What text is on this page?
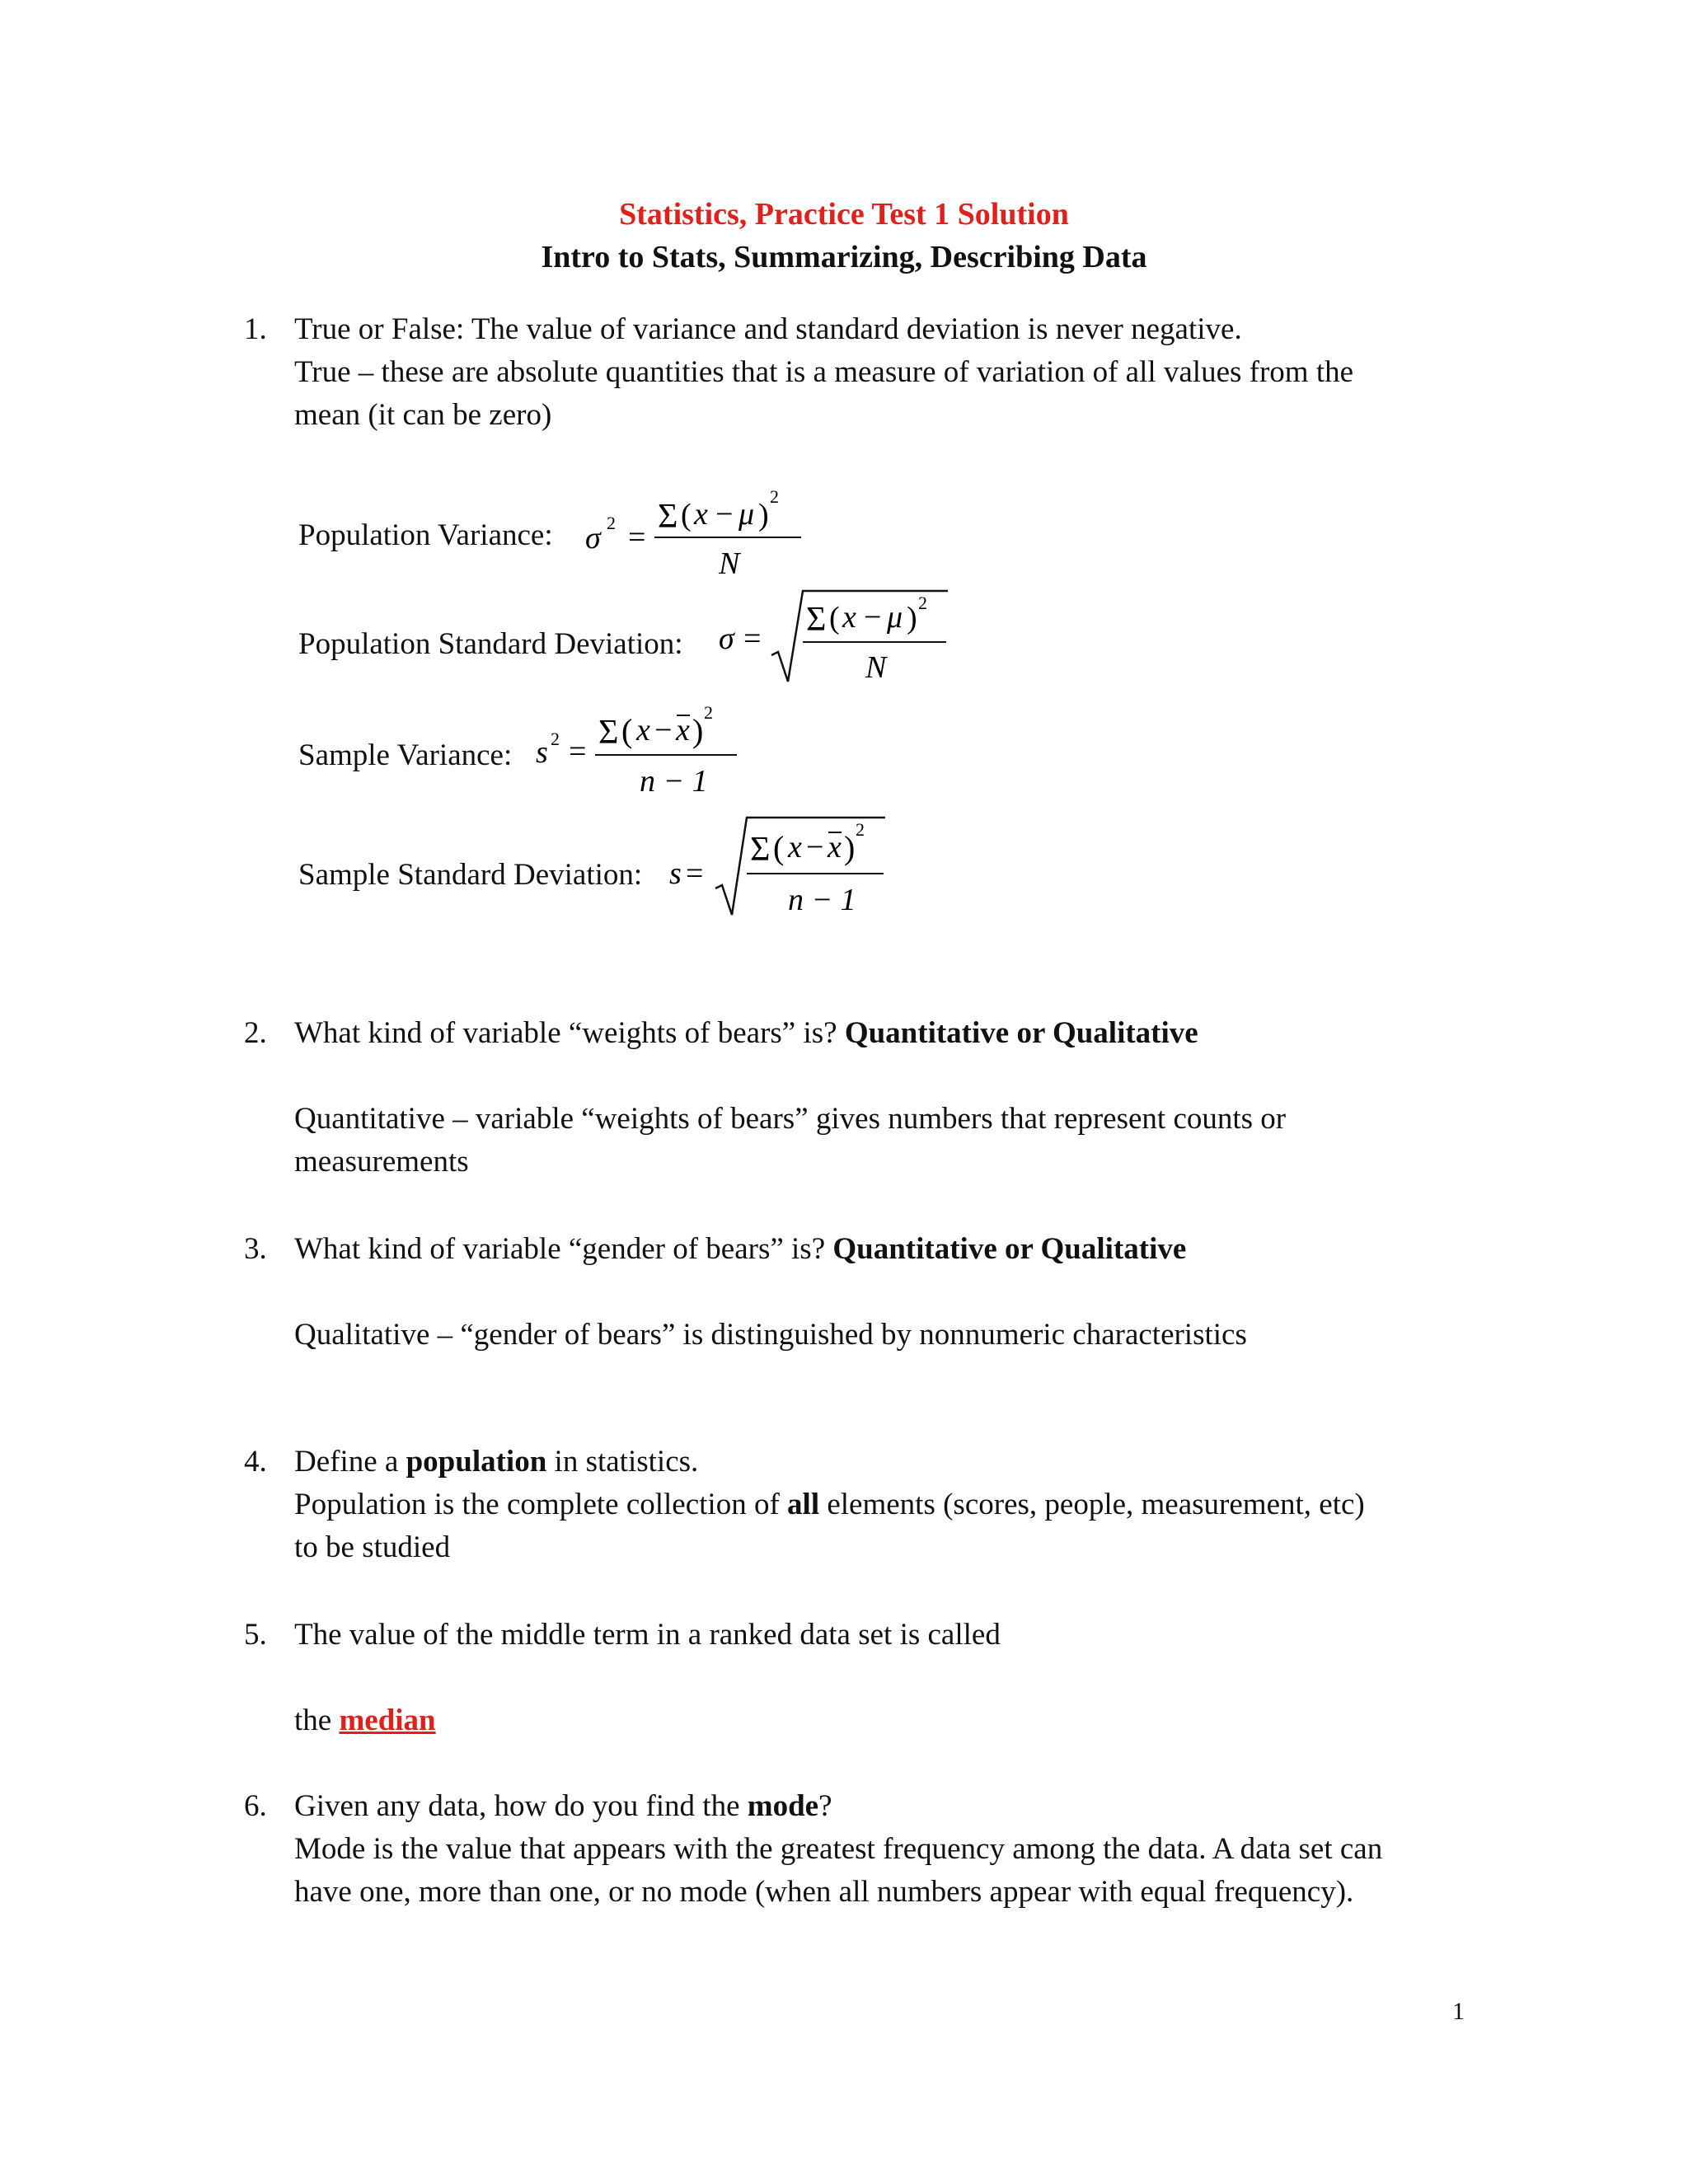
Statistics, Practice Test 1 Solution
Intro to Stats, Summarizing, Describing Data
1. True or False: The value of variance and standard deviation is never negative.
True – these are absolute quantities that is a measure of variation of all values from the
mean (it can be zero)
Population Variance: σ 2 =
Σ ( x − μ )
2
N
Population Standard Deviation: σ = Σ ( x − μ ) 2
N
Sample Variance: s 2 = Σ ( x − x ) 2
n − 1
Sample Standard Deviation: s =
Σ ( x − x ) 2
n − 1
2. What kind of variable “weights of bears” is? Quantitative or Qualitative
Quantitative – variable “weights of bears” gives numbers that represent counts or
measurements
3. What kind of variable “gender of bears” is? Quantitative or Qualitative
Qualitative – “gender of bears” is distinguished by nonnumeric characteristics
4. Define a population in statistics.
Population is the complete collection of all elements (scores, people, measurement, etc)
to be studied
5. The value of the middle term in a ranked data set is called
the median
6. Given any data, how do you find the mode?
Mode is the value that appears with the greatest frequency among the data. A data set can
have one, more than one, or no mode (when all numbers appear with equal frequency).
1
